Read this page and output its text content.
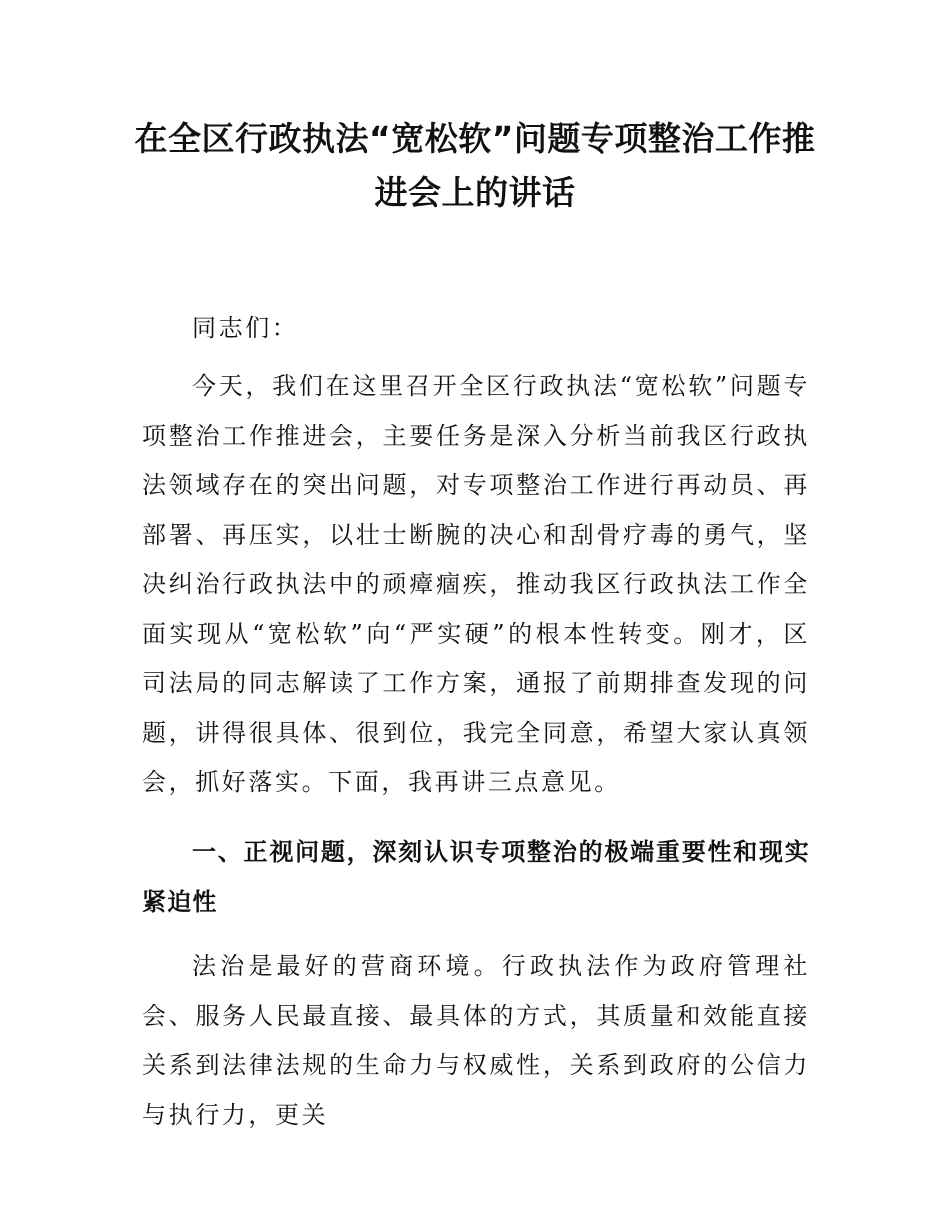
在全区行政执法“宽松软”问题专项整治工作推进会上的讲话

同志们：

今天，我们在这里召开全区行政执法“宽松软”问题专项整治工作推进会，主要任务是深入分析当前我区行政执法领域存在的突出问题，对专项整治工作进行再动员、再部署、再压实，以壮士断腕的决心和刮骨疗毒的勇气，坚决纠治行政执法中的顽瘴痼疾，推动我区行政执法工作全面实现从“宽松软”向“严实硬”的根本性转变。刚才，区司法局的同志解读了工作方案，通报了前期排查发现的问题，讲得很具体、很到位，我完全同意，希望大家认真领会，抓好落实。下面，我再讲三点意见。

一、正视问题，深刻认识专项整治的极端重要性和现实紧迫性

法治是最好的营商环境。行政执法作为政府管理社会、服务人民最直接、最具体的方式，其质量和效能直接关系到法律法规的生命力与权威性，关系到政府的公信力与执行力，更关
